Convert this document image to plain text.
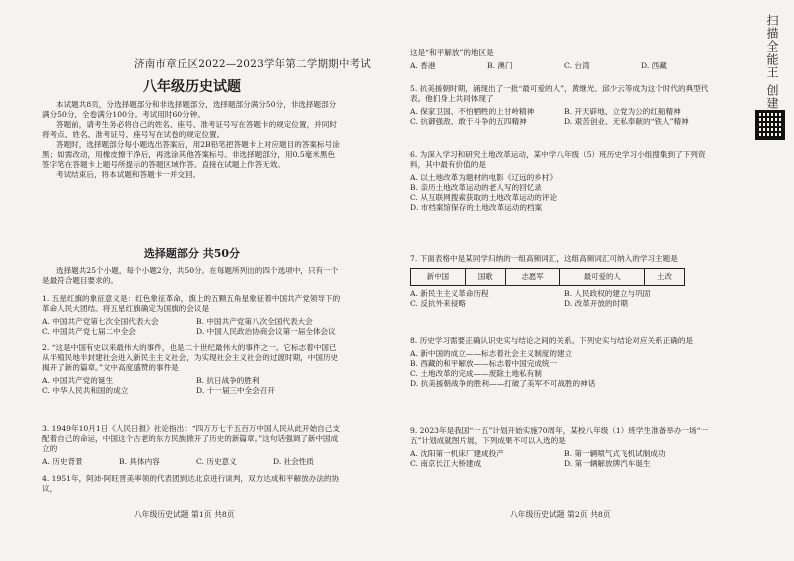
济南市章丘区2022—2023学年第二学期期中考试
八年级历史试题

本试题共8页，分选择题部分和非选择题部分，选择题部分满分50分，非选择题部分满分50分，全卷满分100分。考试用时60分钟。

答题前，请考生务必将自己的姓名、座号、准考证号写在答题卡的规定位置，并同时将考点、姓名、准考证号、座号写在试卷的规定位置。

答题时，选择题部分每小题选出答案后，用2B铅笔把答题卡上对应题目的答案标号涂黑；如需改动，用橡皮擦干净后，再选涂其他答案标号。非选择题部分，用0.5毫米黑色签字笔在答题卡上题号所提示的答题区域作答。直接在试题上作答无效。

考试结束后，将本试题和答题卡一并交回。

选择题部分 共50分

选择题共25个小题，每个小题2分，共50分。在每题所列出的四个选项中，只有一个是最符合题目要求的。

1. 五星红旗的象征意义是：红色象征革命，旗上的五颗五角星象征着中国共产党领导下的革命人民大团结。将五星红旗确定为国旗的会议是

A. 中国共产党第七次全国代表大会	B. 中国共产党第八次全国代表大会
C. 中国共产党七届二中全会	D. 中国人民政治协商会议第一届全体会议

2. “这是中国有史以来最伟大的事件，也是二十世纪最伟大的事件之一。它标志着中国已从半殖民地半封建社会进入新民主主义社会，为实现社会主义社会的过渡时期，中国历史揭开了新的篇章。”文中高度盛赞的事件是

A. 中国共产党的诞生	B. 抗日战争的胜利
C. 中华人民共和国的成立	D. 十一届三中全会召开

3. 1949年10月1日《人民日报》社论指出：“四万万七千五百万中国人民从此开始自己支配着自己的命运，中国这个古老的东方民族掀开了历史的新篇章。”这句话强调了新中国成立的

A. 历史背景	B. 具体内容	C. 历史意义	D. 社会性质

4. 1951年，阿沛·阿旺晋美率领的代表团到达北京进行谈判，双方达成和平解放办法的协议，

八年级历史试题 第1页 共8页

这是“和平解放”的地区是

A. 香港	B. 澳门	C. 台湾	D. 西藏

5. 抗美援朝时期，涌现出了一批“最可爱的人”，黄继光、邱少云等成为这个时代的典型代表。他们身上共同体现了

A. 保家卫国、不怕牺牲的上甘岭精神	B. 开天辟地、立党为公的红船精神
C. 抗御强敌、敢于斗争的五四精神	D. 艰苦创业、无私奉献的“铁人”精神

6. 为深入学习和研究土地改革运动，某中学八年级（5）班历史学习小组搜集到了下列资料，其中最有价值的是

A. 以土地改革为题材的电影《辽远的乡村》
B. 亲历土地改革运动的老人写的回忆录
C. 从互联网搜索获取的土地改革运动的评论
D. 市档案馆保存的土地改革运动的档案

7. 下面表格中是某同学归纳的一组高频词汇，这组高频词汇可纳入的学习主题是

新中国	国歌	志愿军	最可爱的人	土改
A. 新民主主义革命历程	B. 人民政权的建立与巩固
C. 反抗外来侵略	D. 改革开放的时期

8. 历史学习需要正确认识史实与结论之间的关系。下列史实与结论对应关系正确的是

A. 新中国的成立——标志着社会主义制度的建立
B. 西藏的和平解放——标志着中国完成统一
C. 土地改革的完成——废除土地私有制
D. 抗美援朝战争的胜利——打破了美军不可战胜的神话

9. 2023年是我国“一五”计划开始实施70周年，某校八年级（1）班学生准备举办一场“一五”计划成就图片展，下列成果不可以入选的是

A. 沈阳第一机床厂建成投产	B. 第一辆喷气式飞机试制成功
C. 南京长江大桥建成	D. 第一辆解放牌汽车诞生
八年级历史试题 第2页 共8页
扫描全能王 创建
